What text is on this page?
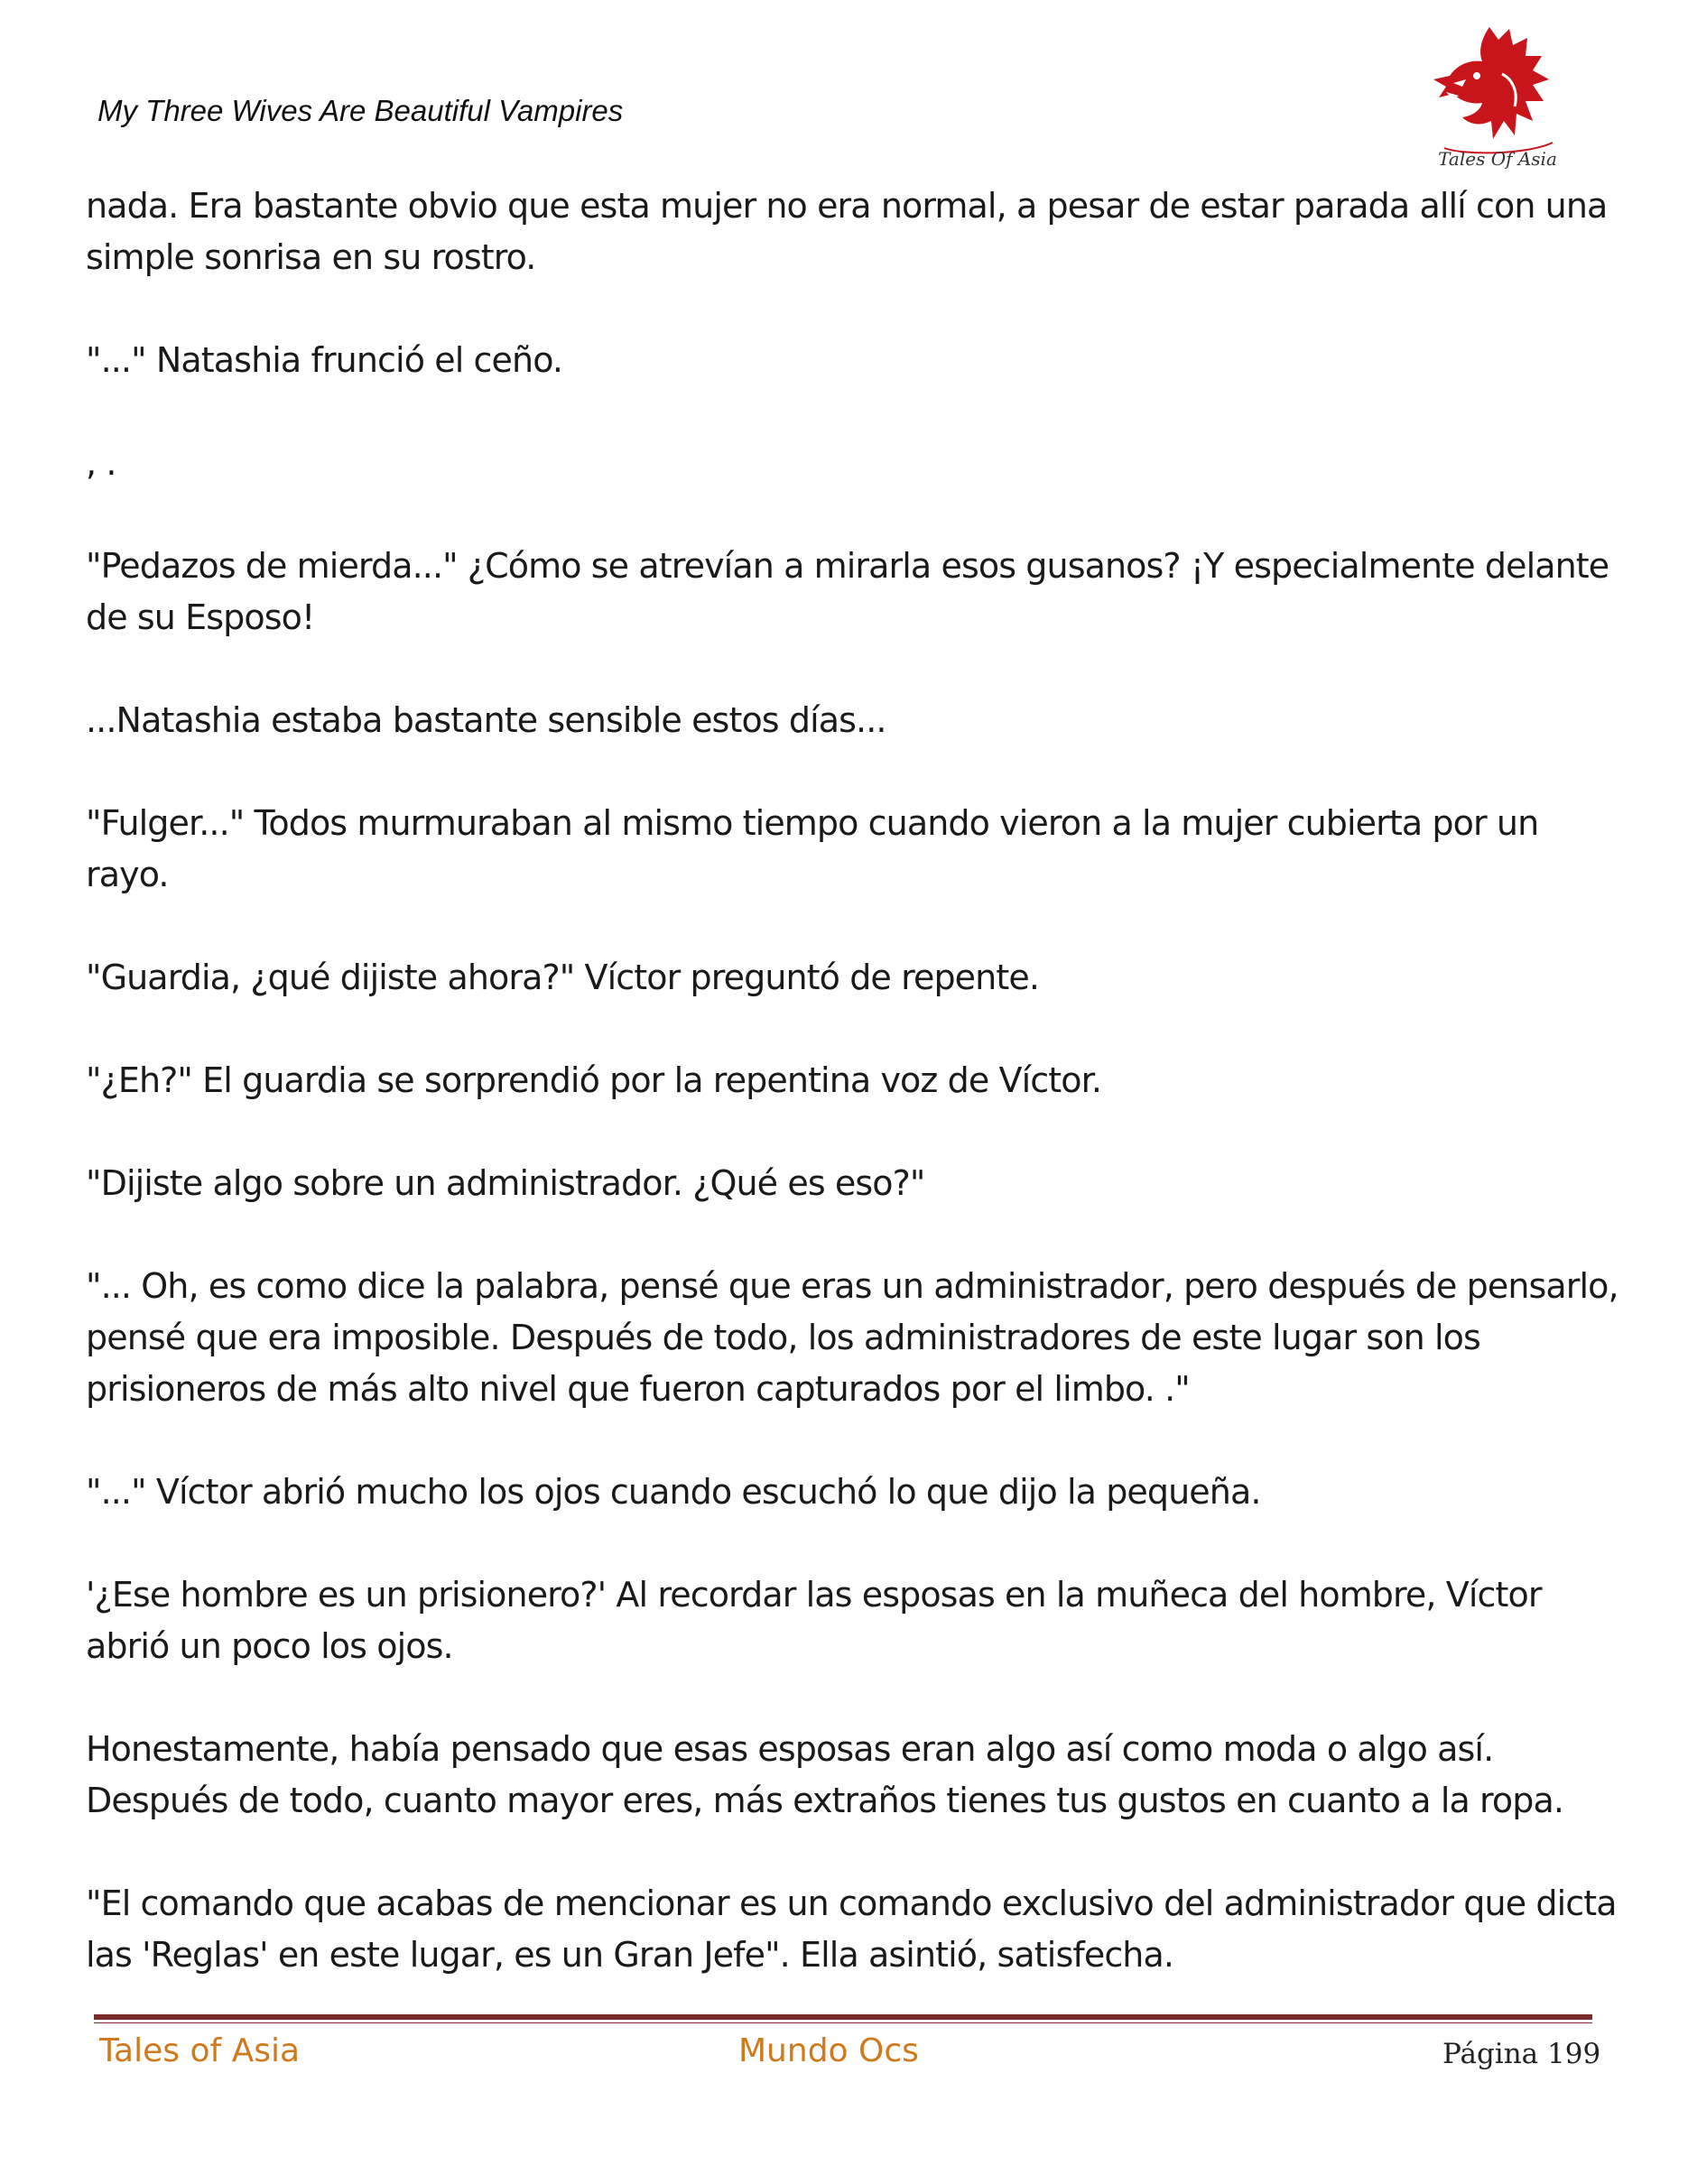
My Three Wives Are Beautiful Vampires
Tales Of Asia

nada. Era bastante obvio que esta mujer no era normal, a pesar de estar parada allí con una simple sonrisa en su rostro.

"..." Natashia frunció el ceño.

, .

"Pedazos de mierda..." ¿Cómo se atrevían a mirarla esos gusanos? ¡Y especialmente delante de su Esposo!

...Natashia estaba bastante sensible estos días...

"Fulger..." Todos murmuraban al mismo tiempo cuando vieron a la mujer cubierta por un rayo.

"Guardia, ¿qué dijiste ahora?" Víctor preguntó de repente.

"¿Eh?" El guardia se sorprendió por la repentina voz de Víctor.

"Dijiste algo sobre un administrador. ¿Qué es eso?"

"... Oh, es como dice la palabra, pensé que eras un administrador, pero después de pensarlo, pensé que era imposible. Después de todo, los administradores de este lugar son los prisioneros de más alto nivel que fueron capturados por el limbo. ."

"..." Víctor abrió mucho los ojos cuando escuchó lo que dijo la pequeña.

'¿Ese hombre es un prisionero?' Al recordar las esposas en la muñeca del hombre, Víctor abrió un poco los ojos.

Honestamente, había pensado que esas esposas eran algo así como moda o algo así. Después de todo, cuanto mayor eres, más extraños tienes tus gustos en cuanto a la ropa.

"El comando que acabas de mencionar es un comando exclusivo del administrador que dicta las 'Reglas' en este lugar, es un Gran Jefe". Ella asintió, satisfecha.

Tales of Asia	Mundo Ocs	Página 199
